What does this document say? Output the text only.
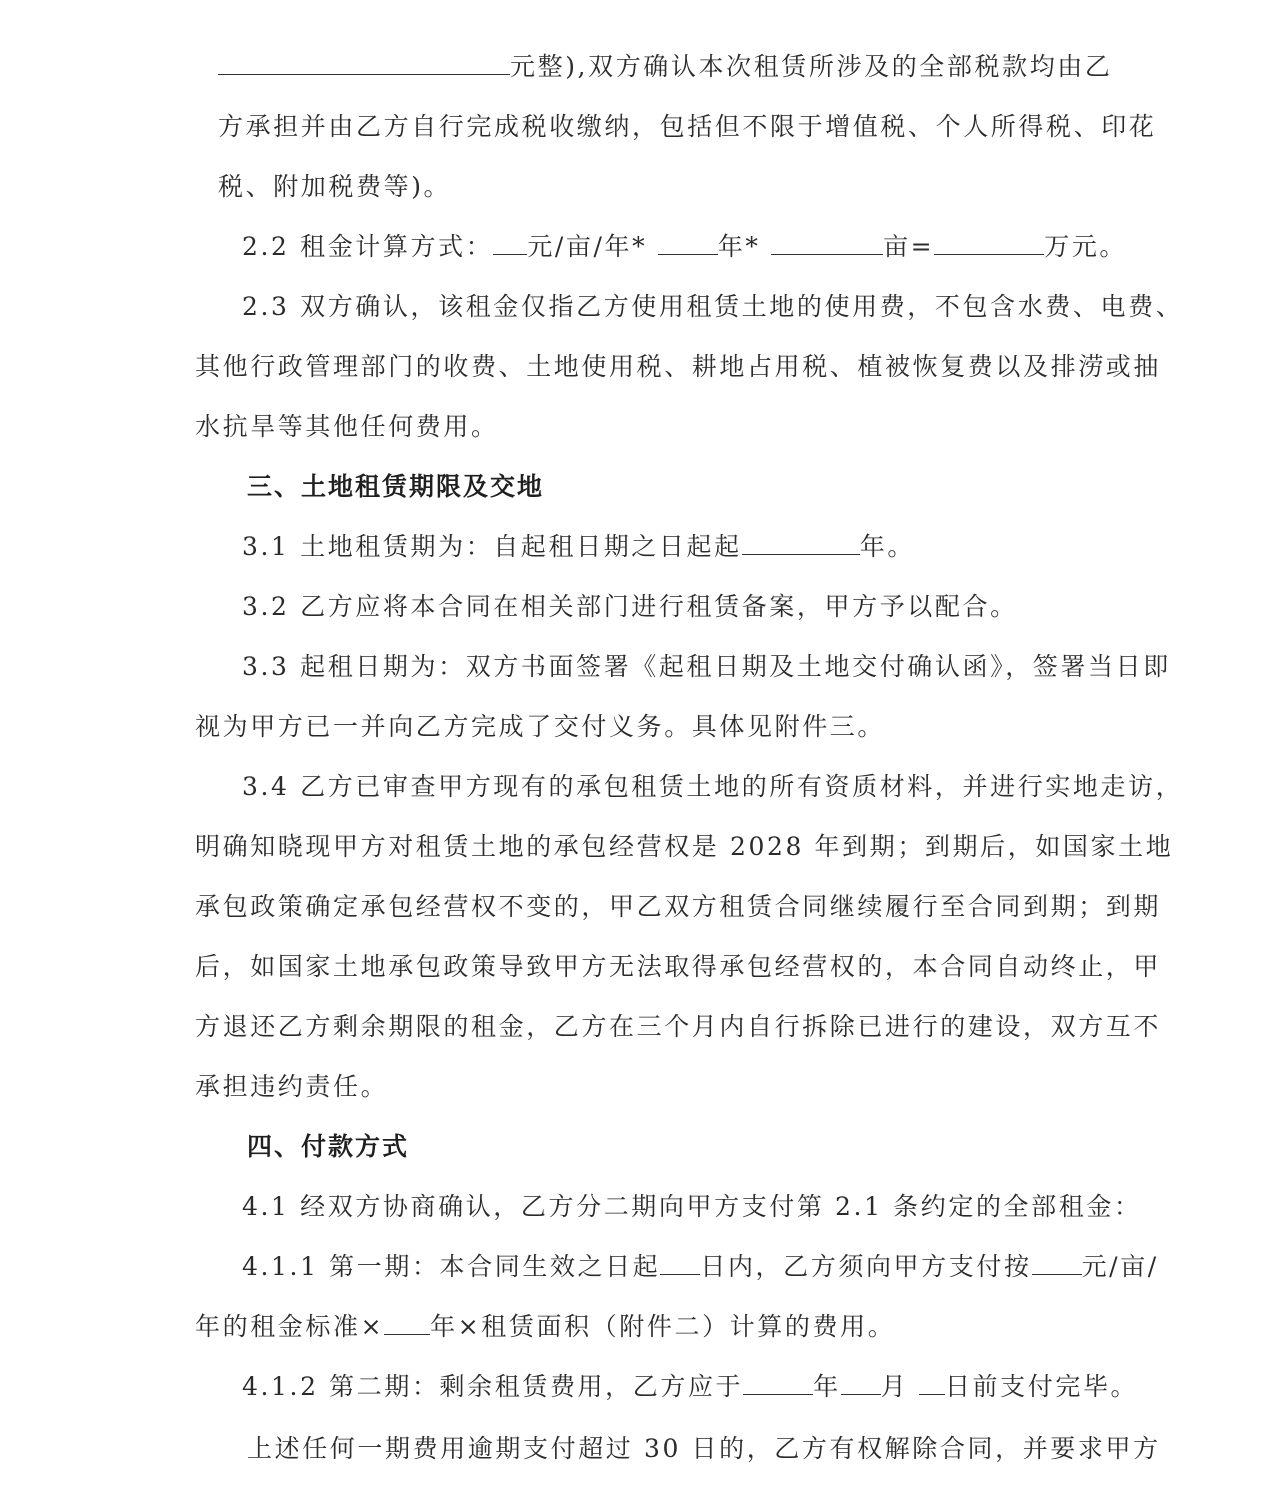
元整),双方确认本次租赁所涉及的全部税款均由乙
方承担并由乙方自行完成税收缴纳，包括但不限于增值税、个人所得税、印花
税、附加税费等)。
2.2 租金计算方式： 元/亩/年*	年*	亩=	万元。
2.3 双方确认，该租金仅指乙方使用租赁土地的使用费，不包含水费、电费、
其他行政管理部门的收费、土地使用税、耕地占用税、植被恢复费以及排涝或抽
水抗旱等其他任何费用。
三、土地租赁期限及交地
3.1 土地租赁期为：自起租日期之日起起	年。
3.2 乙方应将本合同在相关部门进行租赁备案，甲方予以配合。
3.3 起租日期为：双方书面签署《起租日期及土地交付确认函》，签署当日即
视为甲方已一并向乙方完成了交付义务。具体见附件三。
3.4 乙方已审查甲方现有的承包租赁土地的所有资质材料，并进行实地走访，
明确知晓现甲方对租赁土地的承包经营权是 2028 年到期；到期后，如国家土地
承包政策确定承包经营权不变的，甲乙双方租赁合同继续履行至合同到期；到期
后，如国家土地承包政策导致甲方无法取得承包经营权的，本合同自动终止，甲
方退还乙方剩余期限的租金，乙方在三个月内自行拆除已进行的建设，双方互不
承担违约责任。
四、付款方式
4.1 经双方协商确认，乙方分二期向甲方支付第 2.1 条约定的全部租金：
4.1.1 第一期：本合同生效之日起 日内，乙方须向甲方支付按 元/亩/
年的租金标准× 年×租赁面积（附件二）计算的费用。
4.1.2 第二期：剩余租赁费用，乙方应于	年 月 日前支付完毕。
上述任何一期费用逾期支付超过 30 日的，乙方有权解除合同，并要求甲方
